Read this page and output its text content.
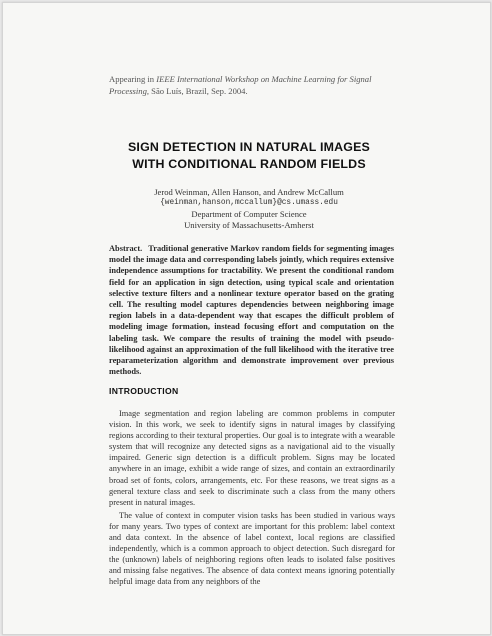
Appearing in IEEE International Workshop on Machine Learning for Signal Processing, São Luís, Brazil, Sep. 2004.
SIGN DETECTION IN NATURAL IMAGES
WITH CONDITIONAL RANDOM FIELDS
Jerod Weinman, Allen Hanson, and Andrew McCallum
{weinman,hanson,mccallum}@cs.umass.edu
Department of Computer Science
University of Massachusetts-Amherst
Abstract. Traditional generative Markov random fields for segmenting images model the image data and corresponding labels jointly, which requires extensive independence assumptions for tractability. We present the conditional random field for an application in sign detection, using typical scale and orientation selective texture filters and a nonlinear texture operator based on the grating cell. The resulting model captures dependencies between neighboring image region labels in a data-dependent way that escapes the difficult problem of modeling image formation, instead focusing effort and computation on the labeling task. We compare the results of training the model with pseudo-likelihood against an approximation of the full likelihood with the iterative tree reparameterization algorithm and demonstrate improvement over previous methods.
INTRODUCTION

Image segmentation and region labeling are common problems in computer vision. In this work, we seek to identify signs in natural images by classifying regions according to their textural properties. Our goal is to integrate with a wearable system that will recognize any detected signs as a navigational aid to the visually impaired. Generic sign detection is a difficult problem. Signs may be located anywhere in an image, exhibit a wide range of sizes, and contain an extraordinarily broad set of fonts, colors, arrangements, etc. For these reasons, we treat signs as a general texture class and seek to discriminate such a class from the many others present in natural images.

The value of context in computer vision tasks has been studied in various ways for many years. Two types of context are important for this problem: label context and data context. In the absence of label context, local regions are classified independently, which is a common approach to object detection. Such disregard for the (unknown) labels of neighboring regions often leads to isolated false positives and missing false negatives. The absence of data context means ignoring potentially helpful image data from any neighbors of the
